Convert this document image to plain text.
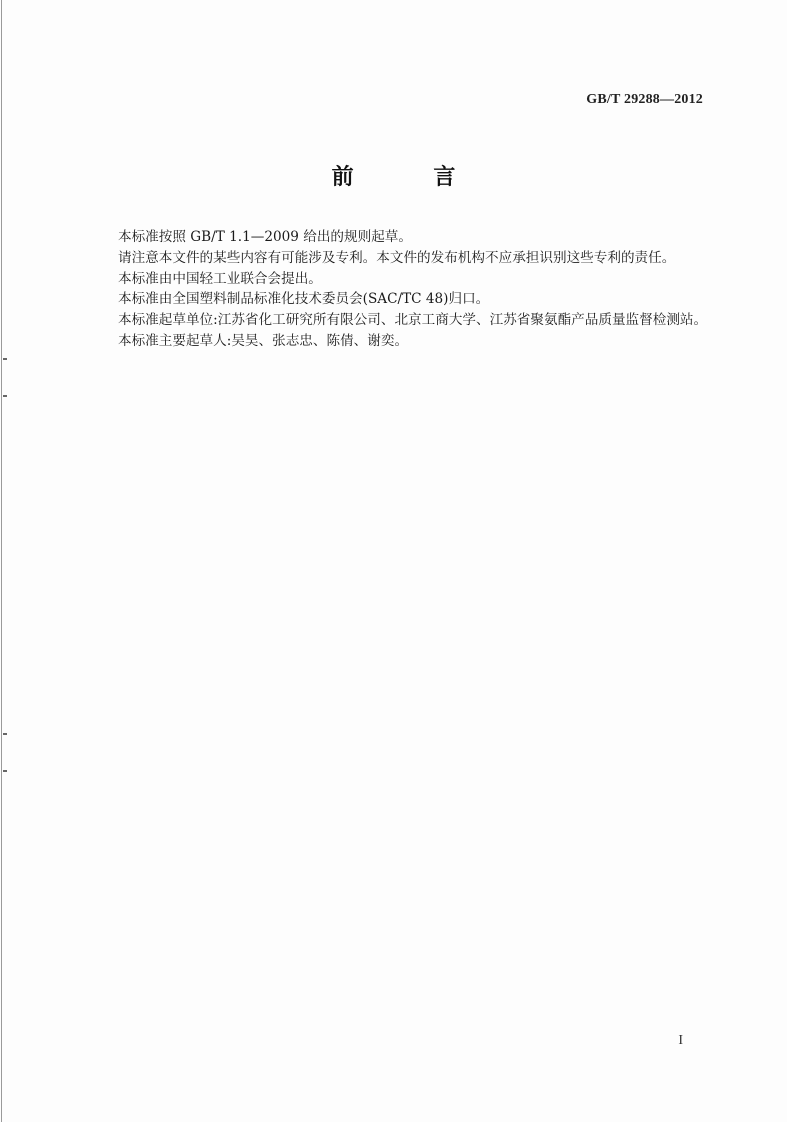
GB/T 29288—2012
前 言
本标准按照 GB/T 1.1—2009 给出的规则起草。
请注意本文件的某些内容有可能涉及专利。本文件的发布机构不应承担识别这些专利的责任。
本标准由中国轻工业联合会提出。
本标准由全国塑料制品标准化技术委员会(SAC/TC 48)归口。
本标准起草单位:江苏省化工研究所有限公司、北京工商大学、江苏省聚氨酯产品质量监督检测站。
本标准主要起草人:吴昊、张志忠、陈倩、谢奕。
I
